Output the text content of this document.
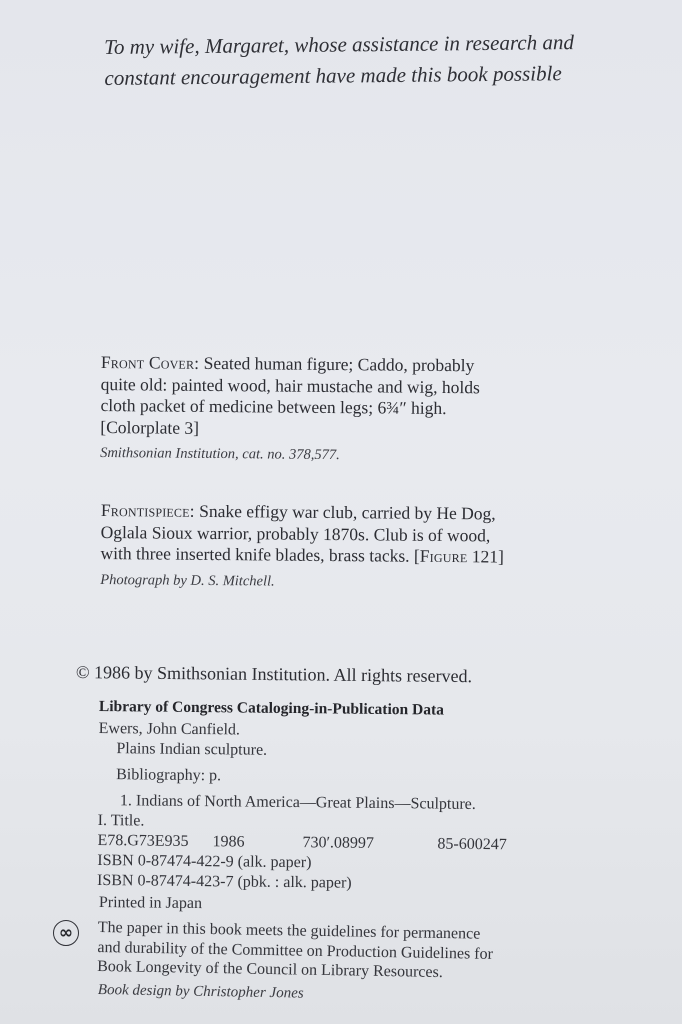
To my wife, Margaret, whose assistance in research and
constant encouragement have made this book possible
Front Cover: Seated human figure; Caddo, probably
quite old: painted wood, hair mustache and wig, holds
cloth packet of medicine between legs; 6¾″ high.
[Colorplate 3]
Smithsonian Institution, cat. no. 378,577.
Frontispiece: Snake effigy war club, carried by He Dog,
Oglala Sioux warrior, probably 1870s. Club is of wood,
with three inserted knife blades, brass tacks. [Figure 121]
Photograph by D. S. Mitchell.
© 1986 by Smithsonian Institution. All rights reserved.
Library of Congress Cataloging-in-Publication Data
Ewers, John Canfield.
Plains Indian sculpture.
Bibliography: p.
1. Indians of North America—Great Plains—Sculpture.
I. Title.
E78.G73E935 1986	730′.08997	85-600247
ISBN 0-87474-422-9 (alk. paper)
ISBN 0-87474-423-7 (pbk. : alk. paper)
Printed in Japan
∞	The paper in this book meets the guidelines for permanence
and durability of the Committee on Production Guidelines for
Book Longevity of the Council on Library Resources.
Book design by Christopher Jones
